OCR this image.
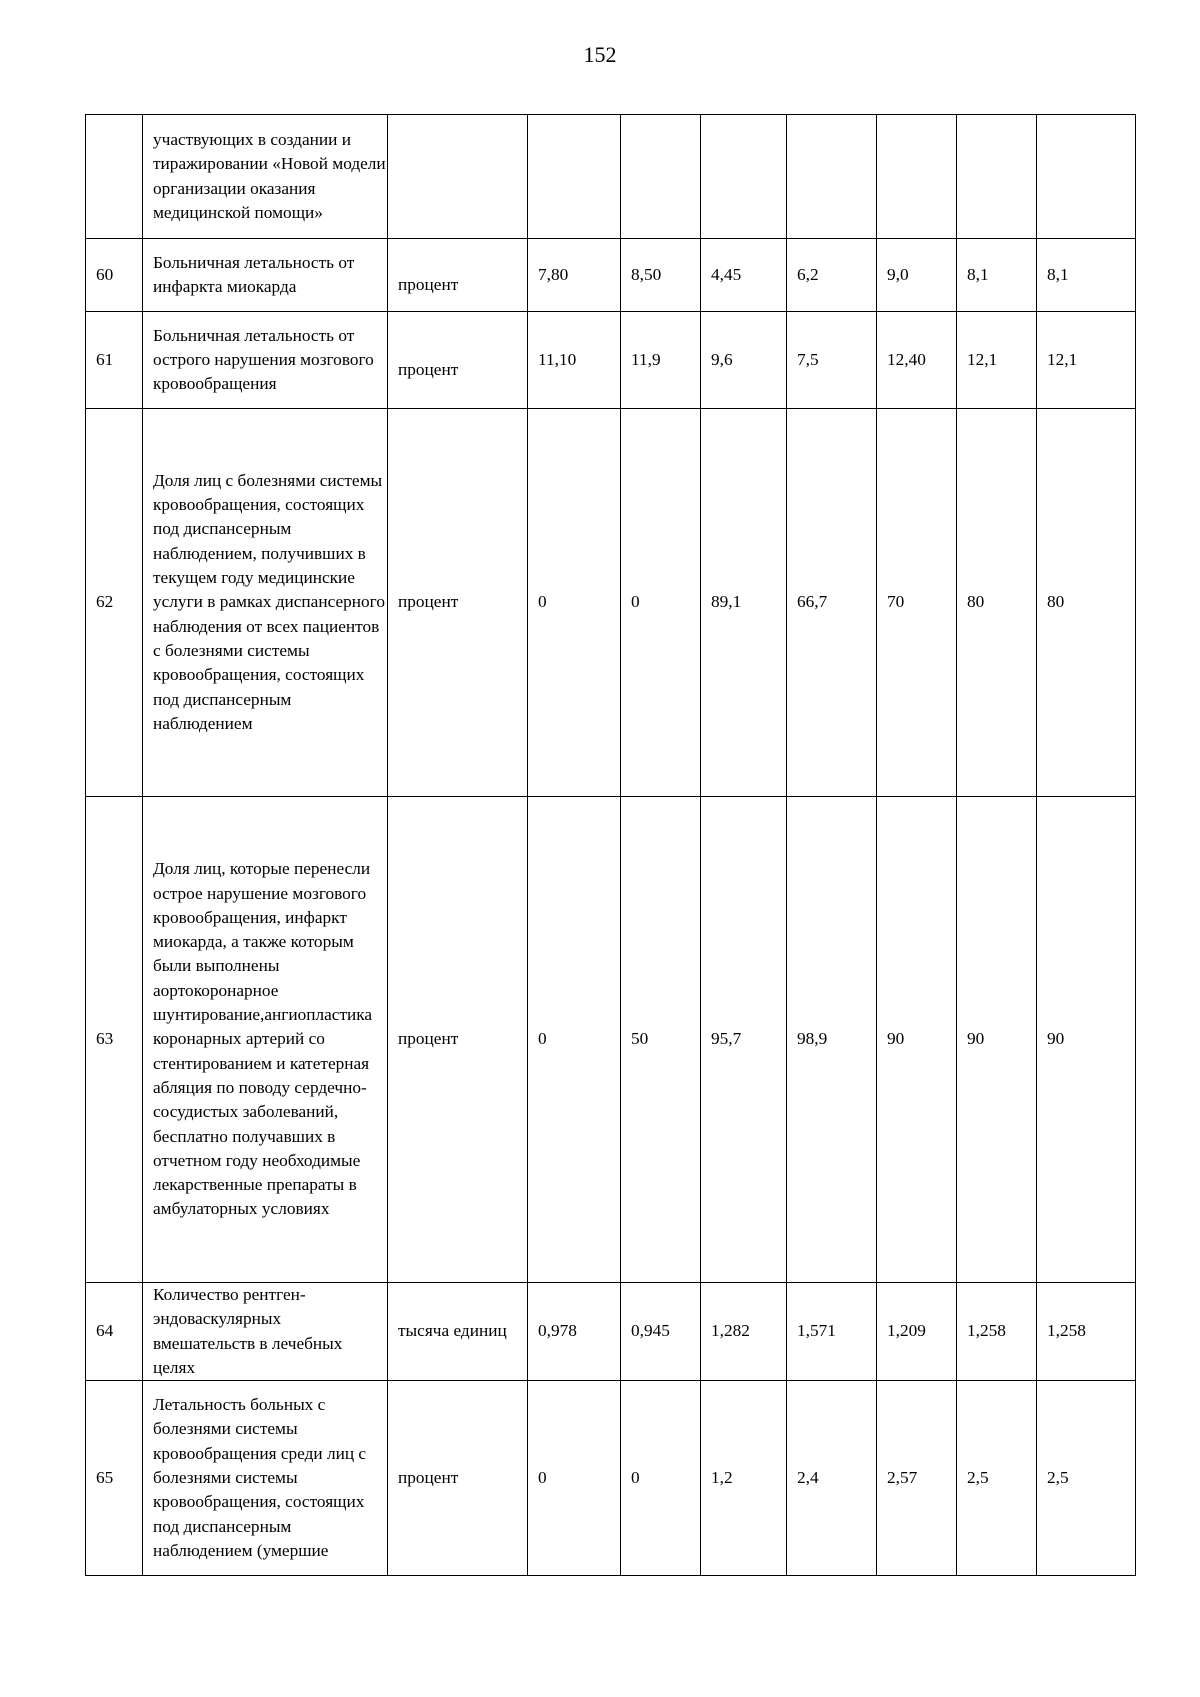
152
	участвующих в создании и тиражировании «Новой модели организации оказания медицинской помощи»								
60	Больничная летальность от инфаркта миокарда	процент	7,80	8,50	4,45	6,2	9,0	8,1	8,1
61	Больничная летальность от острого нарушения мозгового кровообращения	процент	11,10	11,9	9,6	7,5	12,40	12,1	12,1
62	Доля лиц с болезнями системы кровообращения, состоящих под диспансерным наблюдением, получивших в текущем году медицинские услуги в рамках диспансерного наблюдения от всех пациентов с болезнями системы кровообращения, состоящих под диспансерным наблюдением	процент	0	0	89,1	66,7	70	80	80
63	Доля лиц, которые перенесли острое нарушение мозгового кровообращения, инфаркт миокарда, а также которым были выполнены аортокоронарное шунтирование,ангиопластика коронарных артерий со стентированием и катетерная абляция по поводу сердечно-сосудистых заболеваний, бесплатно получавших в отчетном году необходимые лекарственные препараты в амбулаторных условиях	процент	0	50	95,7	98,9	90	90	90
64	Количество рентген-эндоваскулярных вмешательств в лечебных целях	тысяча единиц	0,978	0,945	1,282	1,571	1,209	1,258	1,258
65	Летальность больных с болезнями системы кровообращения среди лиц с болезнями системы кровообращения, состоящих под диспансерным наблюдением (умершие	процент	0	0	1,2	2,4	2,57	2,5	2,5
